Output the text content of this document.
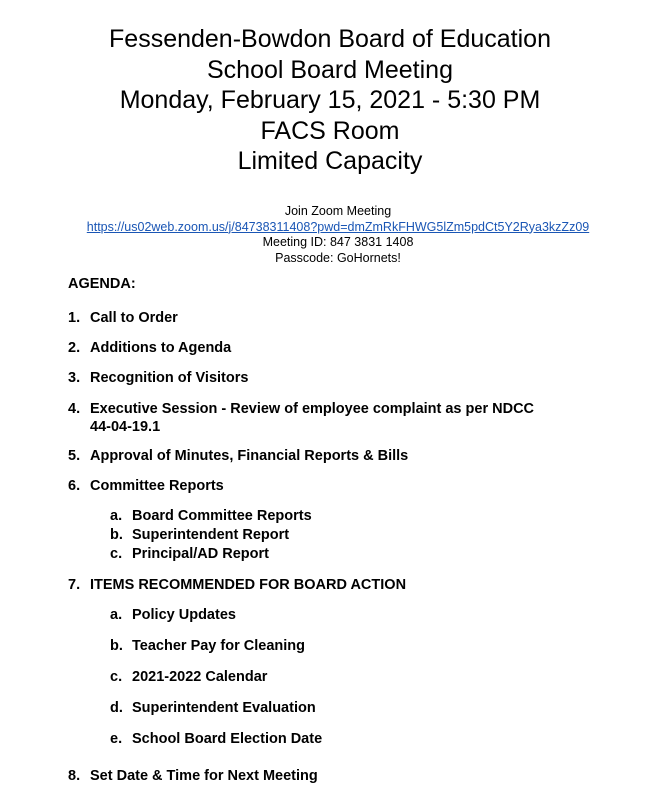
Fessenden-Bowdon Board of Education
School Board Meeting
Monday, February 15, 2021 - 5:30 PM
FACS Room
Limited Capacity
Join Zoom Meeting
https://us02web.zoom.us/j/84738311408?pwd=dmZmRkFHWG5lZm5pdCt5Y2Rya3kzZz09
Meeting ID: 847 3831 1408
Passcode: GoHornets!
AGENDA:
1. Call to Order
2. Additions to Agenda
3. Recognition of Visitors
4. Executive Session - Review of employee complaint as per NDCC
44-04-19.1
5. Approval of Minutes, Financial Reports & Bills
6. Committee Reports
a. Board Committee Reports
b. Superintendent Report
c. Principal/AD Report
7. ITEMS RECOMMENDED FOR BOARD ACTION
a. Policy Updates
b. Teacher Pay for Cleaning
c. 2021-2022 Calendar
d. Superintendent Evaluation
e. School Board Election Date
8. Set Date & Time for Next Meeting
